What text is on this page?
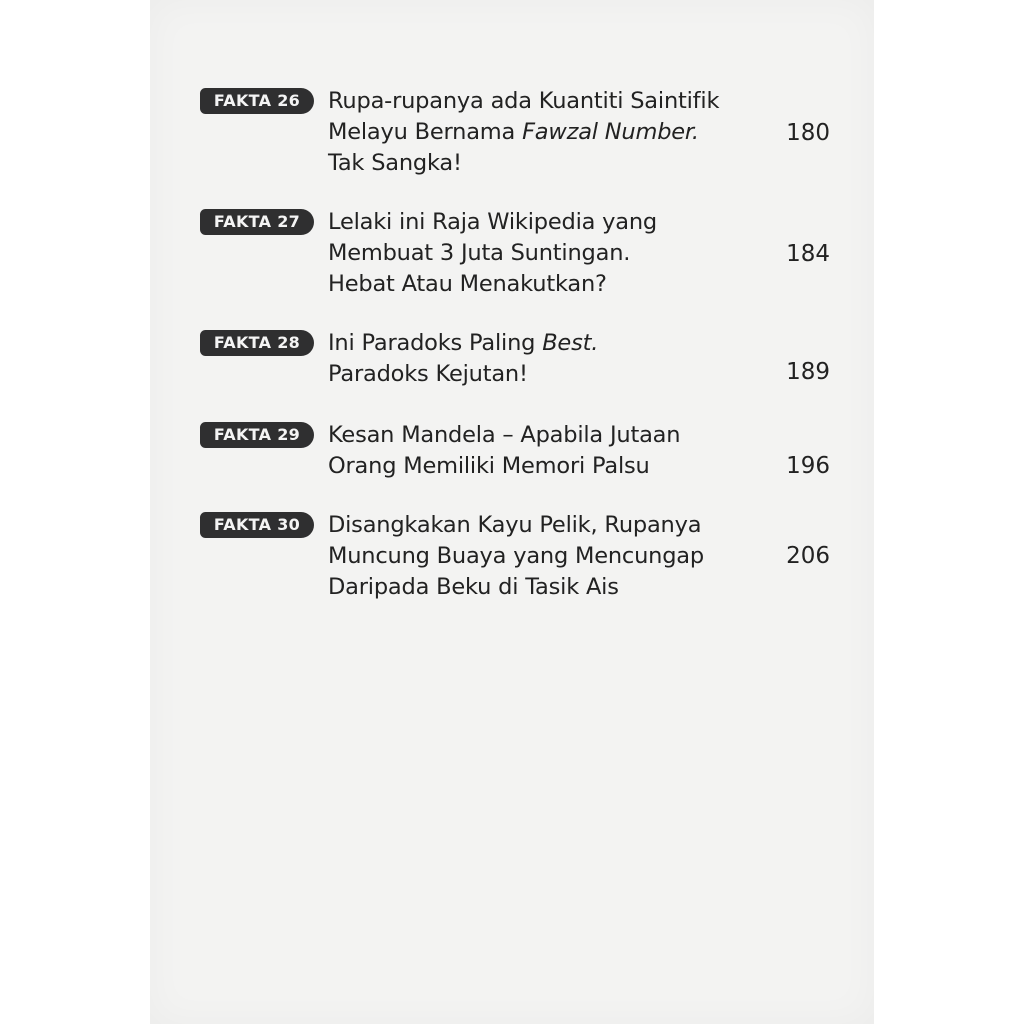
FAKTA 26	Rupa-rupanya ada Kuantiti Saintifik
Melayu Bernama Fawzal Number.
Tak Sangka!
180
FAKTA 27	Lelaki ini Raja Wikipedia yang
Membuat 3 Juta Suntingan.
Hebat Atau Menakutkan?
184
FAKTA 28	Ini Paradoks Paling Best.
Paradoks Kejutan!	189
FAKTA 29	Kesan Mandela – Apabila Jutaan
Orang Memiliki Memori Palsu	196
FAKTA 30	Disangkakan Kayu Pelik, Rupanya
Muncung Buaya yang Mencungap
Daripada Beku di Tasik Ais
206
